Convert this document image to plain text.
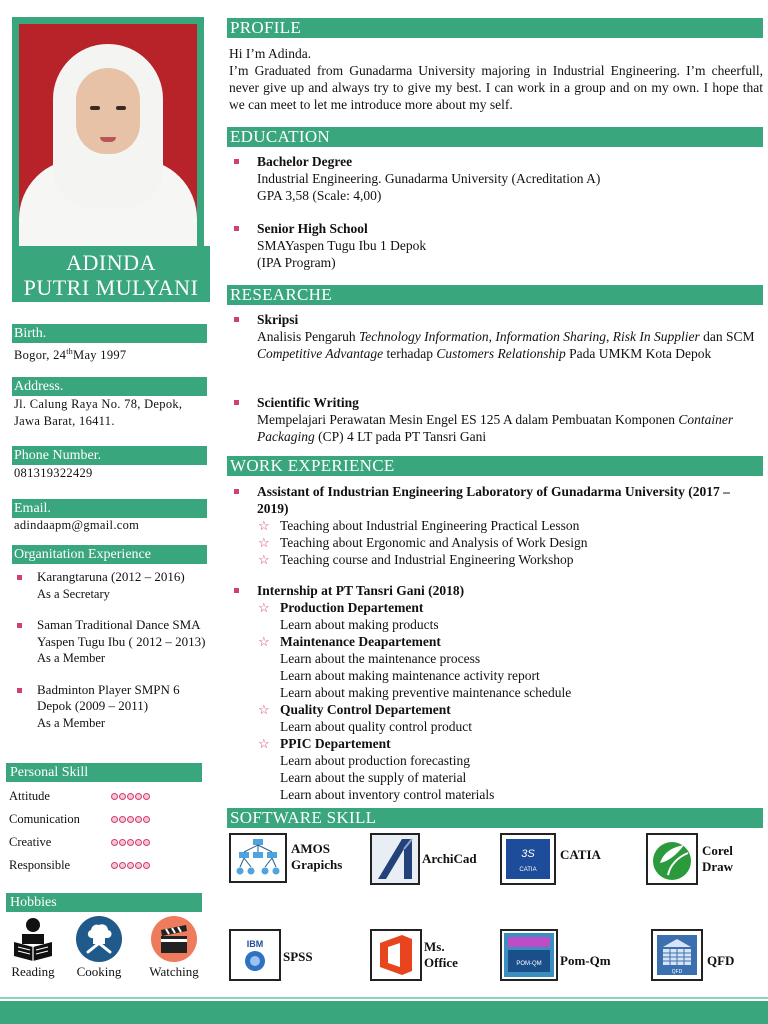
ADINDA
PUTRI MULYANI
Birth.
Bogor, 24thMay 1997
Address.
Jl. Calung Raya No. 78, Depok,
Jawa Barat, 16411.
Phone Number.
081319322429
Email.
adindaapm@gmail.com
Organitation Experience
Karangtaruna (2012 – 2016)
As a Secretary
Saman Traditional Dance SMA Yaspen Tugu Ibu ( 2012 – 2013)
As a Member
Badminton Player SMPN 6 Depok (2009 – 2011)
As a Member
Personal Skill
Attitude
Comunication
Creative
Responsible
Hobbies
Reading	Cooking	Watching
PROFILE
Hi I’m Adinda.
I’m Graduated from Gunadarma University majoring in Industrial Engineering. I’m cheerfull, never give up and always try to give my best. I can work in a group and on my own. I hope that we can meet to let me introduce more about my self.
EDUCATION
Bachelor Degree
Industrial Engineering. Gunadarma University (Acreditation A)
GPA 3,58 (Scale: 4,00)
Senior High School
SMAYaspen Tugu Ibu 1 Depok
(IPA Program)
RESEARCHE
Skripsi
Analisis Pengaruh Technology Information, Information Sharing, Risk In Supplier dan SCM Competitive Advantage terhadap Customers Relationship Pada UMKM Kota Depok
Scientific Writing
Mempelajari Perawatan Mesin Engel ES 125 A dalam Pembuatan Komponen Container Packaging (CP) 4 LT pada PT Tansri Gani
WORK EXPERIENCE
Assistant of Industrian Engineering Laboratory of Gunadarma University (2017 – 2019)
☆ Teaching about Industrial Engineering Practical Lesson
☆ Teaching about Ergonomic and Analysis of Work Design
☆ Teaching course and Industrial Engineering Workshop
Internship at PT Tansri Gani (2018)
☆ Production Departement
Learn about making products
☆ Maintenance Deapartement
Learn about the maintenance process
Learn about making maintenance activity report
Learn about making preventive maintenance schedule
☆ Quality Control Departement
Learn about quality control product
☆ PPIC Departement
Learn about production forecasting
Learn about the supply of material
Learn about inventory control materials
SOFTWARE SKILL
AMOS
Grapichs	ArchiCad	3S
CATIA
CATIA	Corel
Draw
IBM
SPSS
Ms.
Office	POM-QM Pom-Qm
QFD
QFD
